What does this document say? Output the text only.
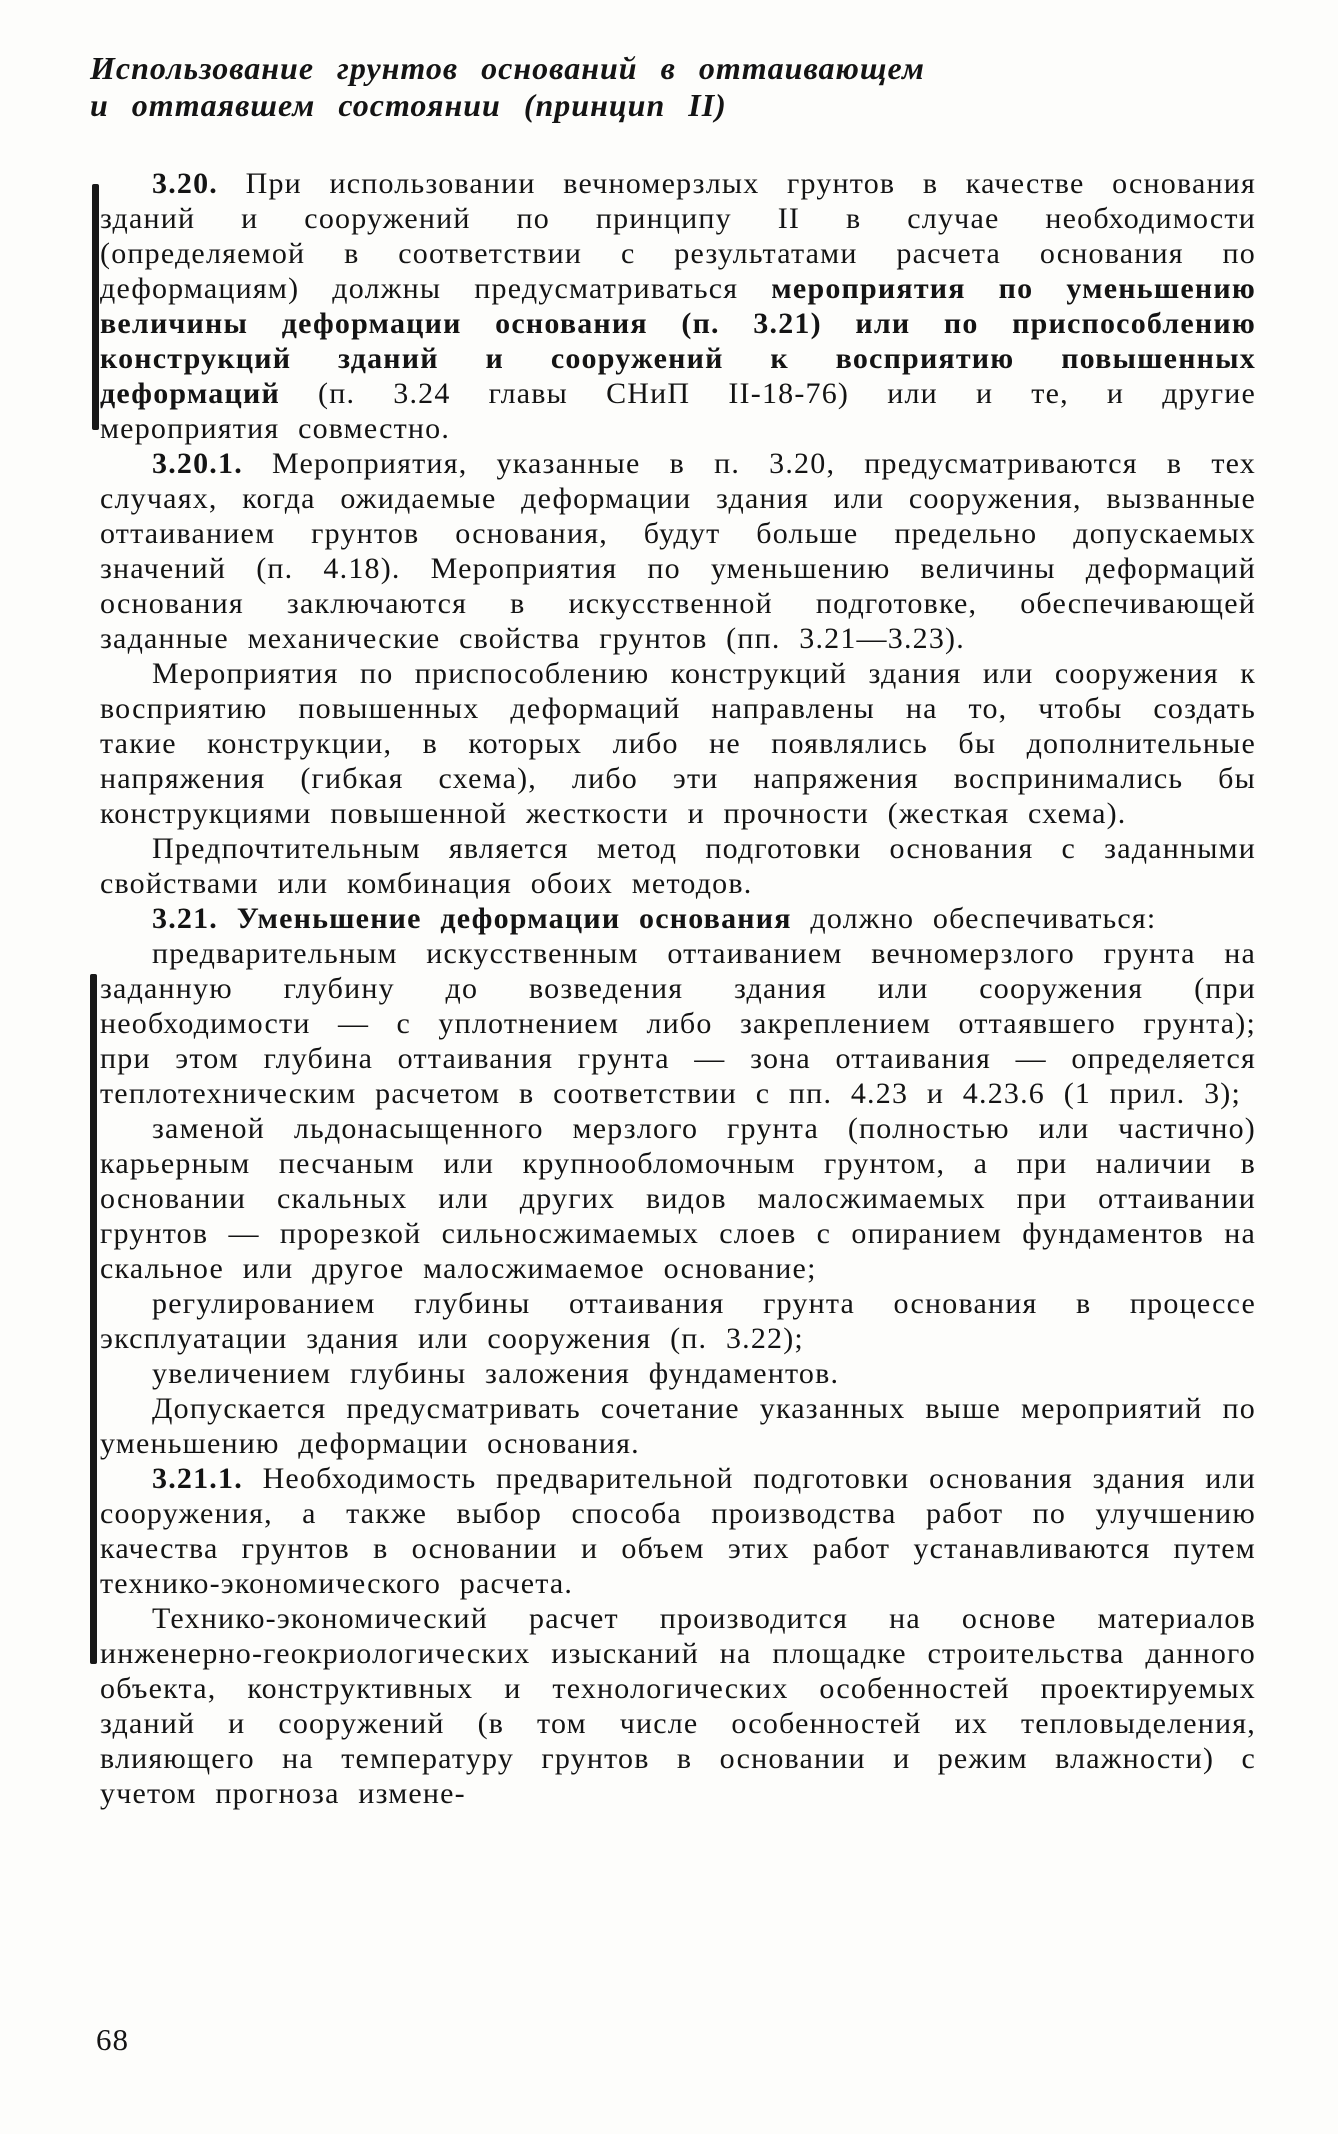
Использование грунтов оснований в оттаивающем
и оттаявшем состоянии (принцип II)

3.20. При использовании вечномерзлых грунтов в качестве основания зданий и сооружений по принципу II в случае необходимости (определяемой в соответствии с результатами расчета основания по деформациям) должны предусматриваться мероприятия по уменьшению величины деформации основания (п. 3.21) или по приспособлению конструкций зданий и сооружений к восприятию повышенных деформаций (п. 3.24 главы СНиП II-18-76) или и те, и другие мероприятия совместно.

3.20.1. Мероприятия, указанные в п. 3.20, предусматриваются в тех случаях, когда ожидаемые деформации здания или сооружения, вызванные оттаиванием грунтов основания, будут больше предельно допускаемых значений (п. 4.18). Мероприятия по уменьшению величины деформаций основания заключаются в искусственной подготовке, обеспечивающей заданные механические свойства грунтов (пп. 3.21—3.23).

Мероприятия по приспособлению конструкций здания или сооружения к восприятию повышенных деформаций направлены на то, чтобы создать такие конструкции, в которых либо не появлялись бы дополнительные напряжения (гибкая схема), либо эти напряжения воспринимались бы конструкциями повышенной жесткости и прочности (жесткая схема).

Предпочтительным является метод подготовки основания с заданными свойствами или комбинация обоих методов.

3.21. Уменьшение деформации основания должно обеспечиваться:

предварительным искусственным оттаиванием вечномерзлого грунта на заданную глубину до возведения здания или сооружения (при необходимости — с уплотнением либо закреплением оттаявшего грунта); при этом глубина оттаивания грунта — зона оттаивания — определяется теплотехническим расчетом в соответствии с пп. 4.23 и 4.23.6 (1 прил. 3);

заменой льдонасыщенного мерзлого грунта (полностью или частично) карьерным песчаным или крупнообломочным грунтом, а при наличии в основании скальных или других видов малосжимаемых при оттаивании грунтов — прорезкой сильносжимаемых слоев с опиранием фундаментов на скальное или другое малосжимаемое основание;

регулированием глубины оттаивания грунта основания в процессе эксплуатации здания или сооружения (п. 3.22);

увеличением глубины заложения фундаментов.

Допускается предусматривать сочетание указанных выше мероприятий по уменьшению деформации основания.

3.21.1. Необходимость предварительной подготовки основания здания или сооружения, а также выбор способа производства работ по улучшению качества грунтов в основании и объем этих работ устанавливаются путем технико-экономического расчета.

Технико-экономический расчет производится на основе материалов инженерно-геокриологических изысканий на площадке строительства данного объекта, конструктивных и технологических особенностей проектируемых зданий и сооружений (в том числе особенностей их тепловыделения, влияющего на температуру грунтов в основании и режим влажности) с учетом прогноза измене-

68
